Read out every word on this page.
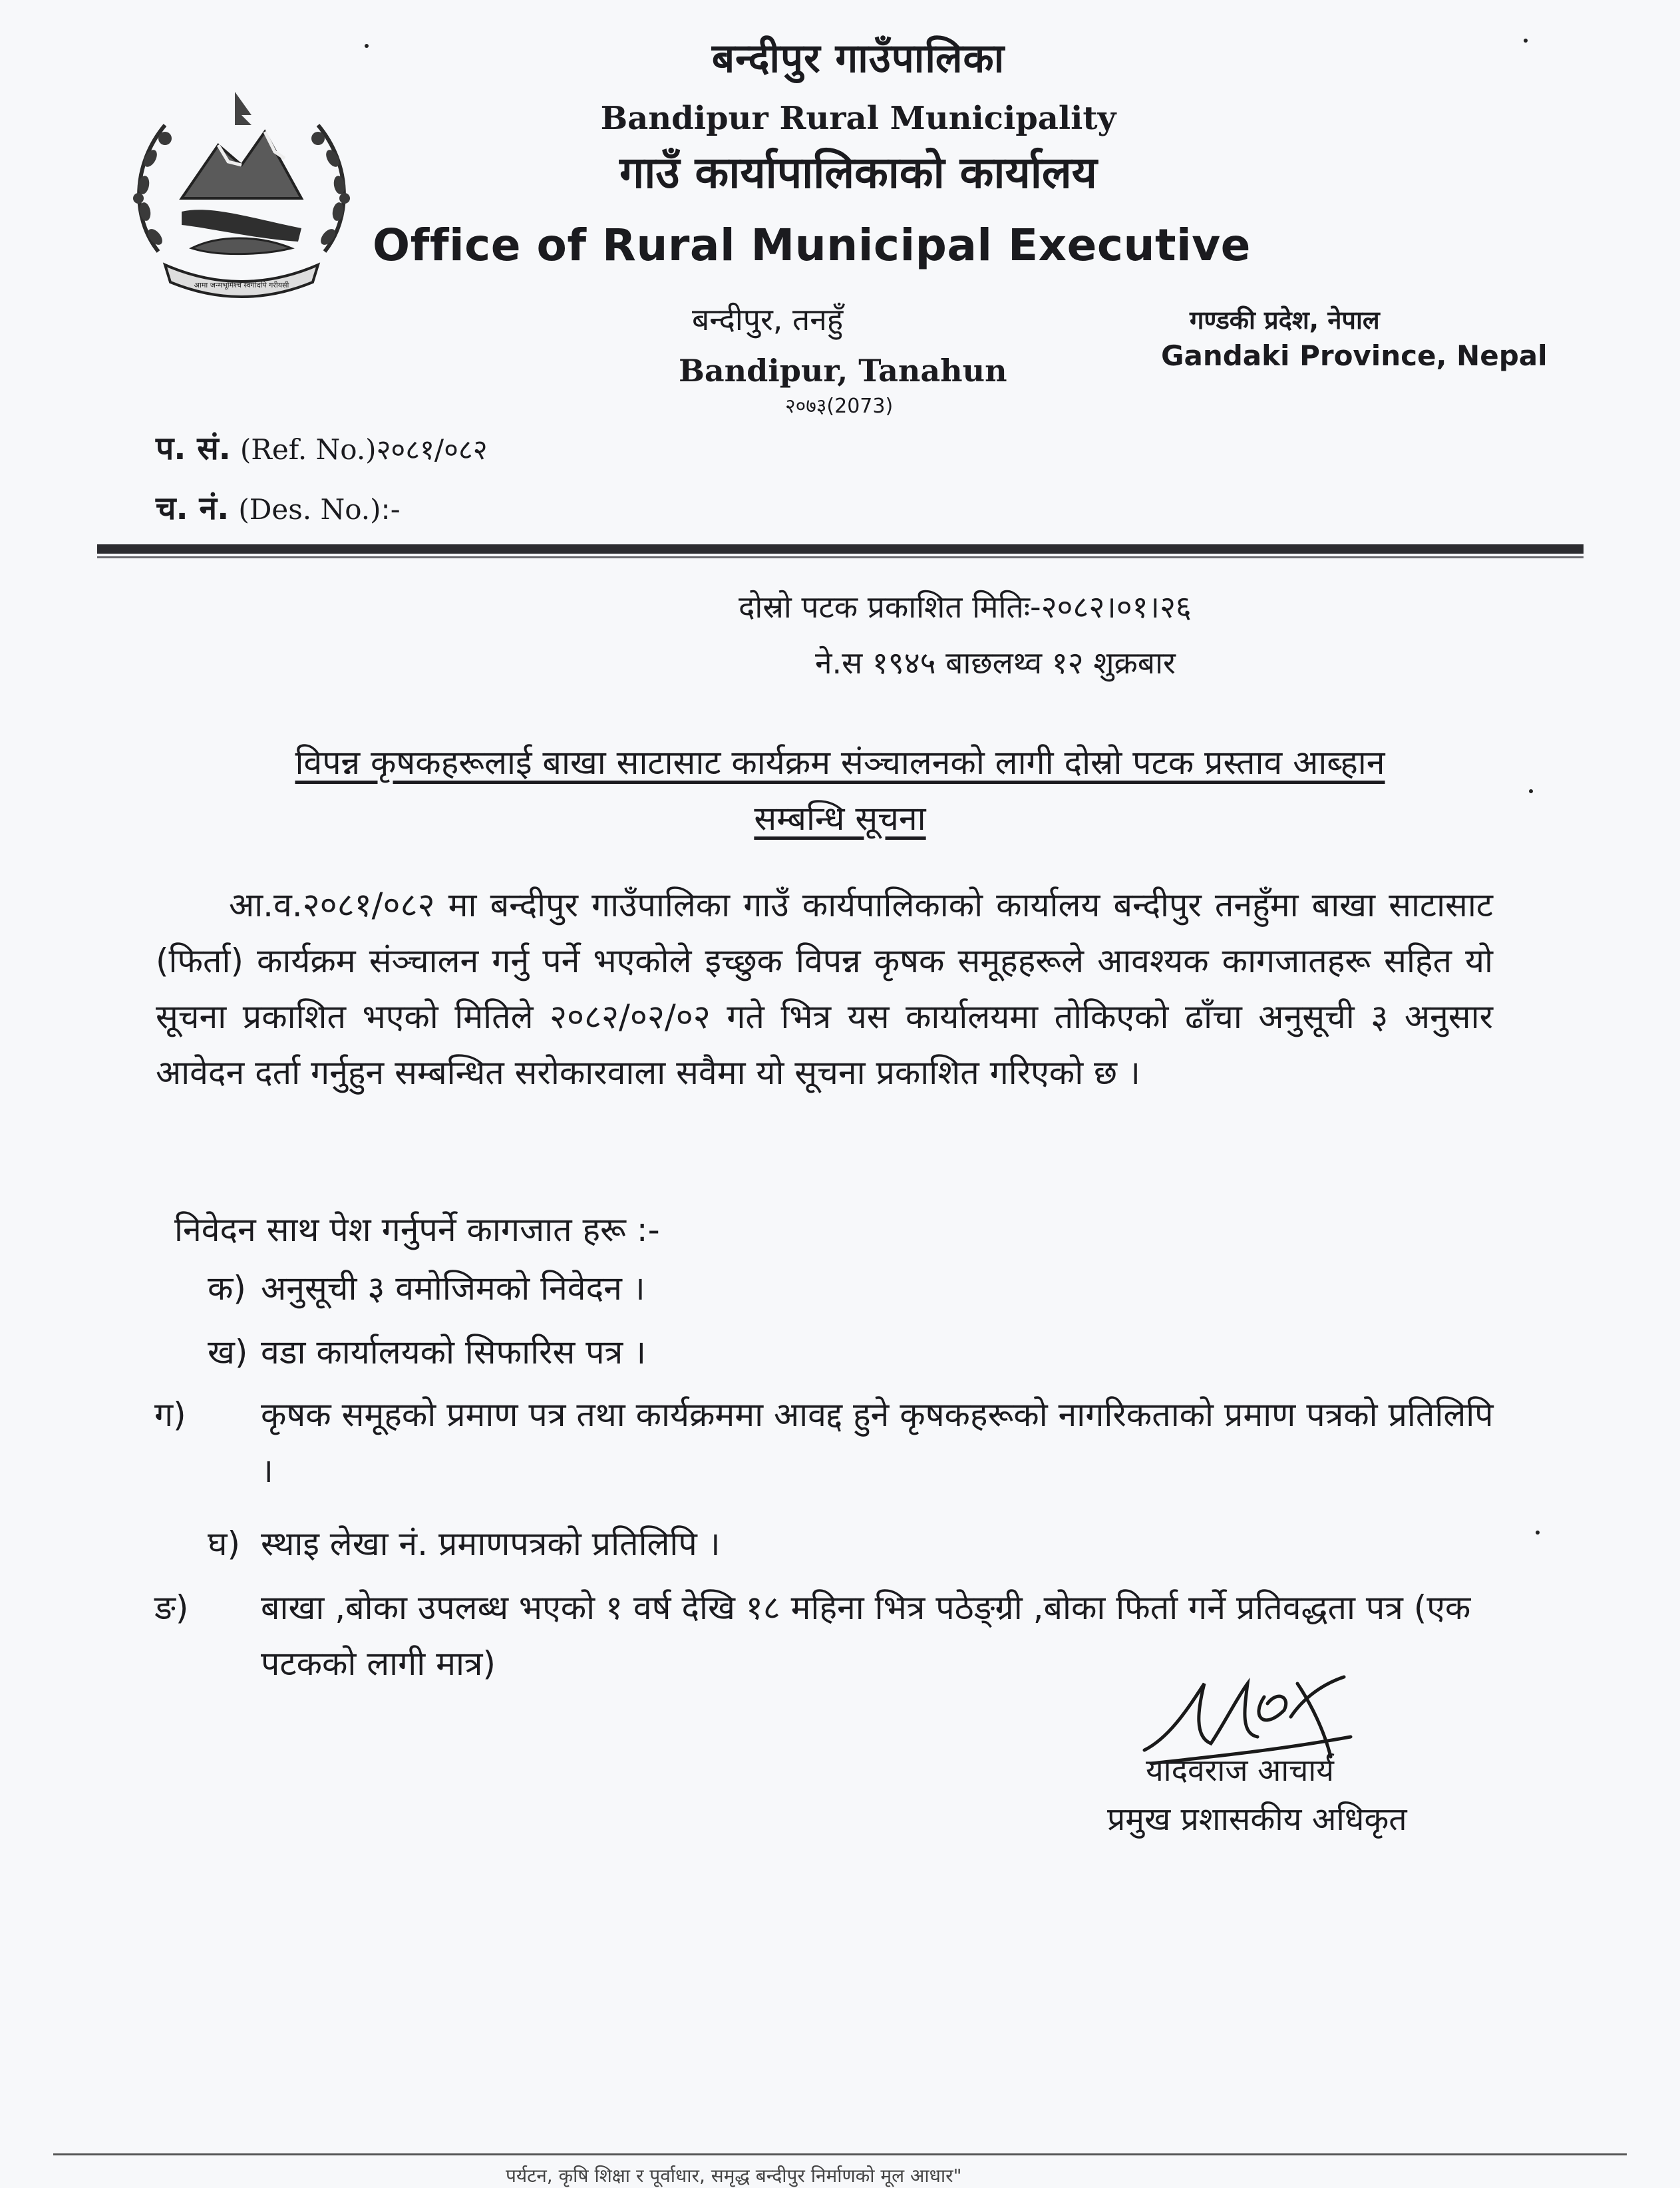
आमा जन्मभूमिश्च स्वर्गादपि गरीयसी
बन्दीपुर गाउँपालिका
Bandipur Rural Municipality
गाउँ कार्यापालिकाको कार्यालय
Office of Rural Municipal Executive
बन्दीपुर, तनहुँ
Bandipur, Tanahun
२०७३(2073)
गण्डकी प्रदेश, नेपाल
Gandaki Province, Nepal
प. सं. (Ref. No.)२०८१/०८२
च. नं. (Des. No.):-
दोस्रो पटक प्रकाशित मितिः-२०८२।०१।२६
ने.स १९४५ बाछलथ्व १२ शुक्रबार
विपन्न कृषकहरूलाई बाखा साटासाट कार्यक्रम संञ्चालनको लागी दोस्रो पटक प्रस्ताव आब्हान
सम्बन्धि सूचना
आ.व.२०८१/०८२ मा बन्दीपुर गाउँपालिका गाउँ कार्यपालिकाको कार्यालय बन्दीपुर तनहुँमा बाखा साटासाट (फिर्ता) कार्यक्रम संञ्चालन गर्नु पर्ने भएकोले इच्छुक विपन्न कृषक समूहहरूले आवश्यक कागजातहरू सहित यो सूचना प्रकाशित भएको मितिले २०८२/०२/०२ गते भित्र यस कार्यालयमा तोकिएको ढाँचा अनुसूची ३ अनुसार आवेदन दर्ता गर्नुहुन सम्बन्धित सरोकारवाला सवैमा यो सूचना प्रकाशित गरिएको छ ।
निवेदन साथ पेश गर्नुपर्ने कागजात हरू :-
क) अनुसूची ३ वमोजिमको निवेदन ।
ख) वडा कार्यालयको सिफारिस पत्र ।
ग) कृषक समूहको प्रमाण पत्र तथा कार्यक्रममा आवद्द हुने कृषकहरूको नागरिकताको प्रमाण पत्रको प्रतिलिपि ।
घ) स्थाइ लेखा नं. प्रमाणपत्रको प्रतिलिपि ।
ङ) बाखा ,बोका उपलब्ध भएको १ वर्ष देखि १८ महिना भित्र पठेङ्ग्री ,बोका फिर्ता गर्ने प्रतिवद्धता पत्र (एक पटकको लागी मात्र)
यादवराज आचार्य
प्रमुख प्रशासकीय अधिकृत
पर्यटन, कृषि शिक्षा र पूर्वाधार, समृद्ध बन्दीपुर निर्माणको मूल आधार"
